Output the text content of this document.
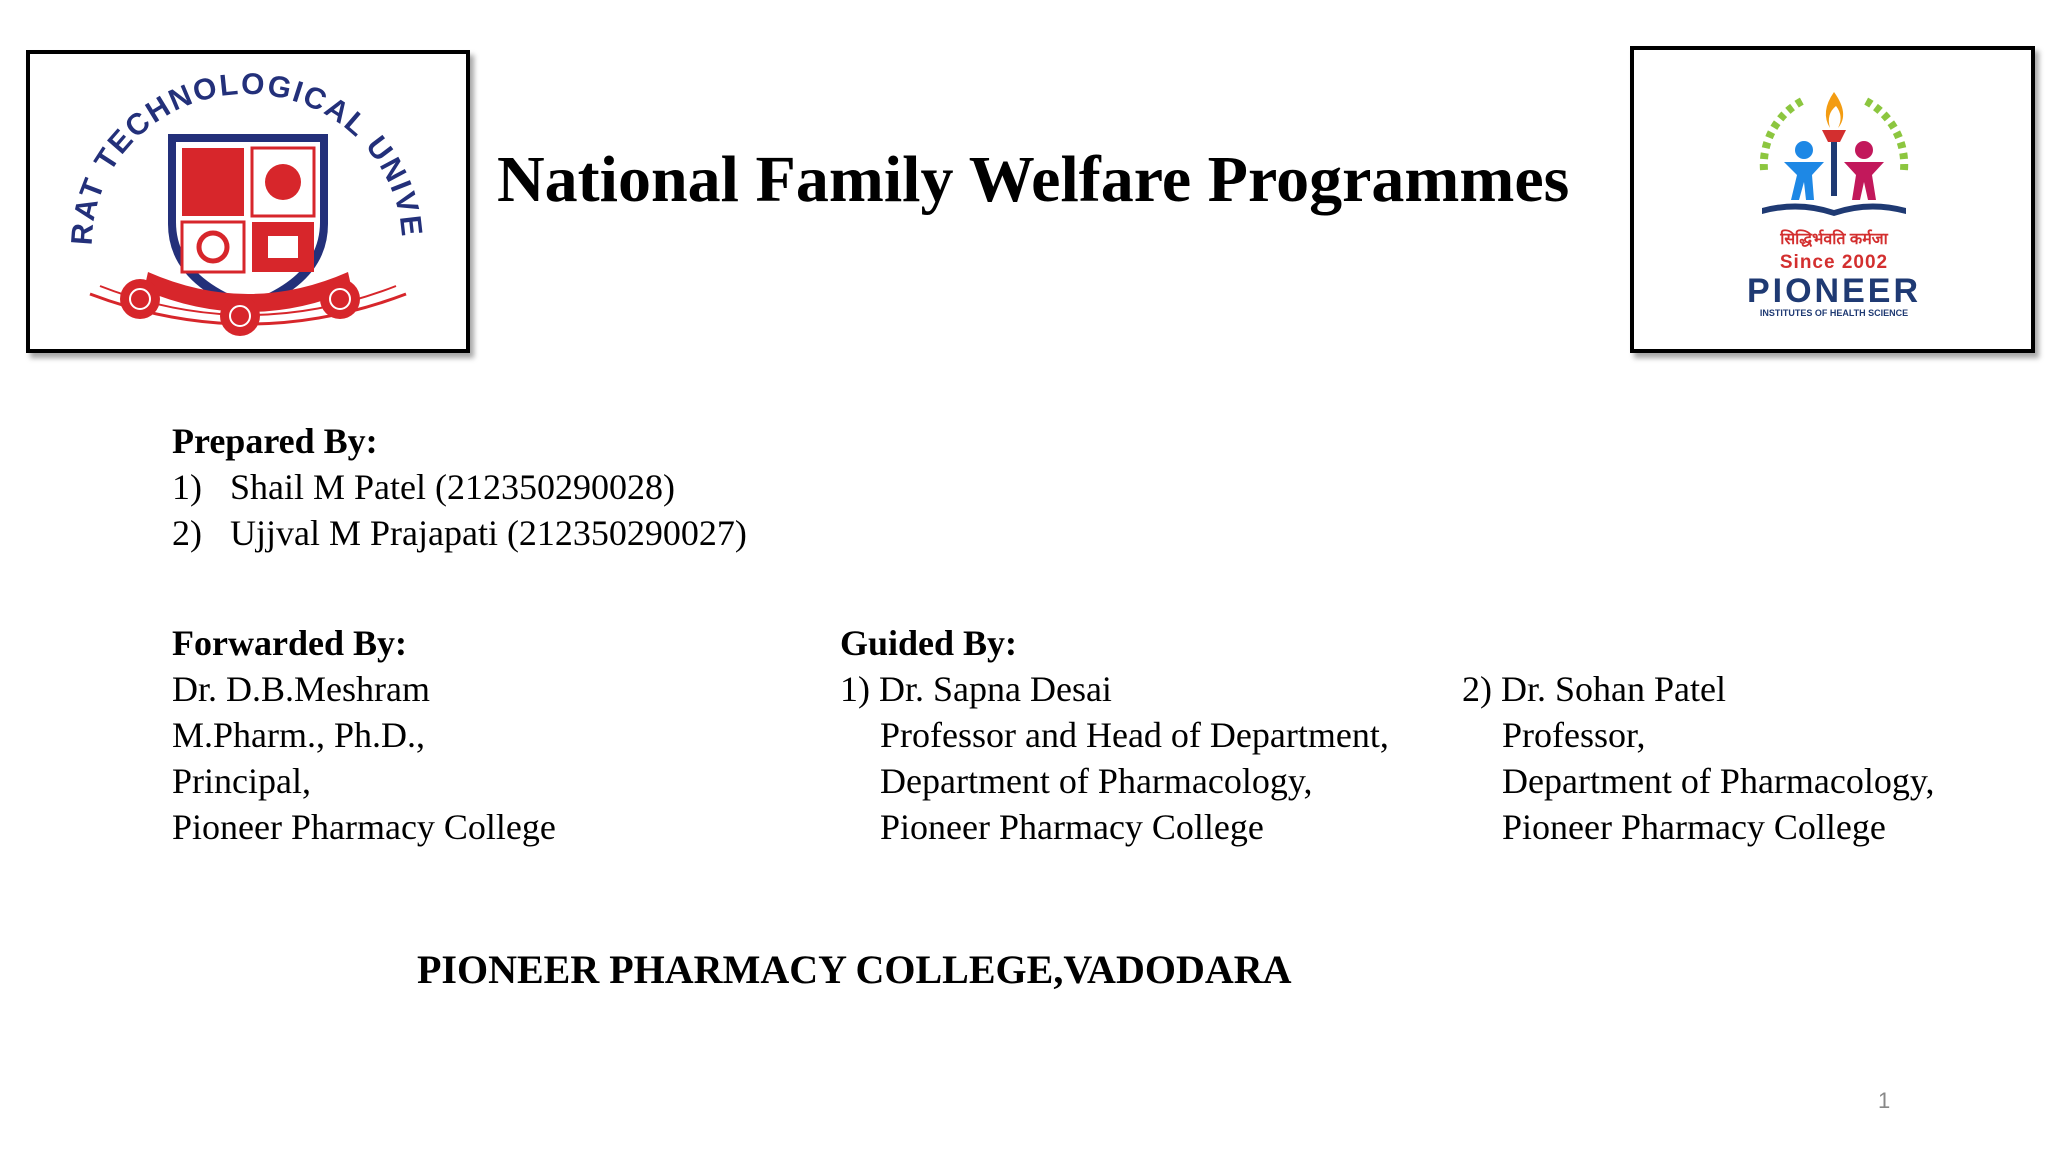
RAT TECHNOLOGICAL UNIVE
National Family Welfare Programmes
सिद्धिर्भवति कर्मजा
Since 2002
PIONEER
INSTITUTES OF HEALTH SCIENCE
Prepared By:
1) Shail M Patel (212350290028)
2) Ujjval M Prajapati (212350290027)
Forwarded By:
Dr. D.B.Meshram
M.Pharm., Ph.D.,
Principal,
Pioneer Pharmacy College
Guided By:
1) Dr. Sapna Desai
Professor and Head of Department,
Department of Pharmacology,
Pioneer Pharmacy College
2) Dr. Sohan Patel
Professor,
Department of Pharmacology,
Pioneer Pharmacy College
PIONEER PHARMACY COLLEGE,VADODARA
1
